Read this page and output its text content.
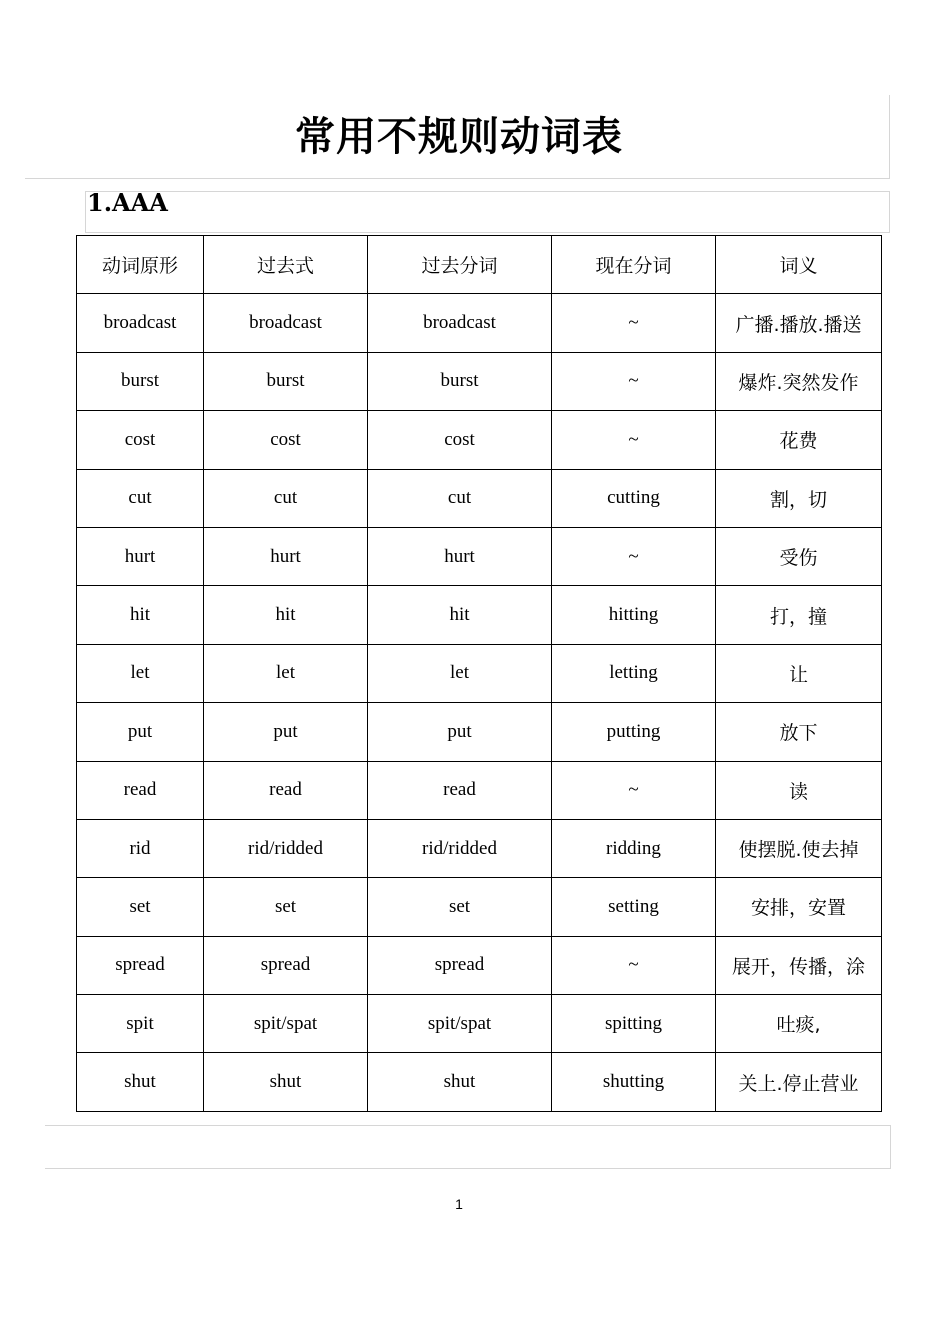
常用不规则动词表
1.AAA
动词原形	过去式	过去分词	现在分词	词义
broadcast	broadcast	broadcast	~	广播.播放.播送
burst	burst	burst	~	爆炸.突然发作
cost	cost	cost	~	花费
cut	cut	cut	cutting	割，切
hurt	hurt	hurt	~	受伤
hit	hit	hit	hitting	打，撞
let	let	let	letting	让
put	put	put	putting	放下
read	read	read	~	读
rid	rid/ridded	rid/ridded	ridding	使摆脱.使去掉
set	set	set	setting	安排，安置
spread	spread	spread	~	展开，传播，涂
spit	spit/spat	spit/spat	spitting	吐痰,
shut	shut	shut	shutting	关上.停止营业
1
